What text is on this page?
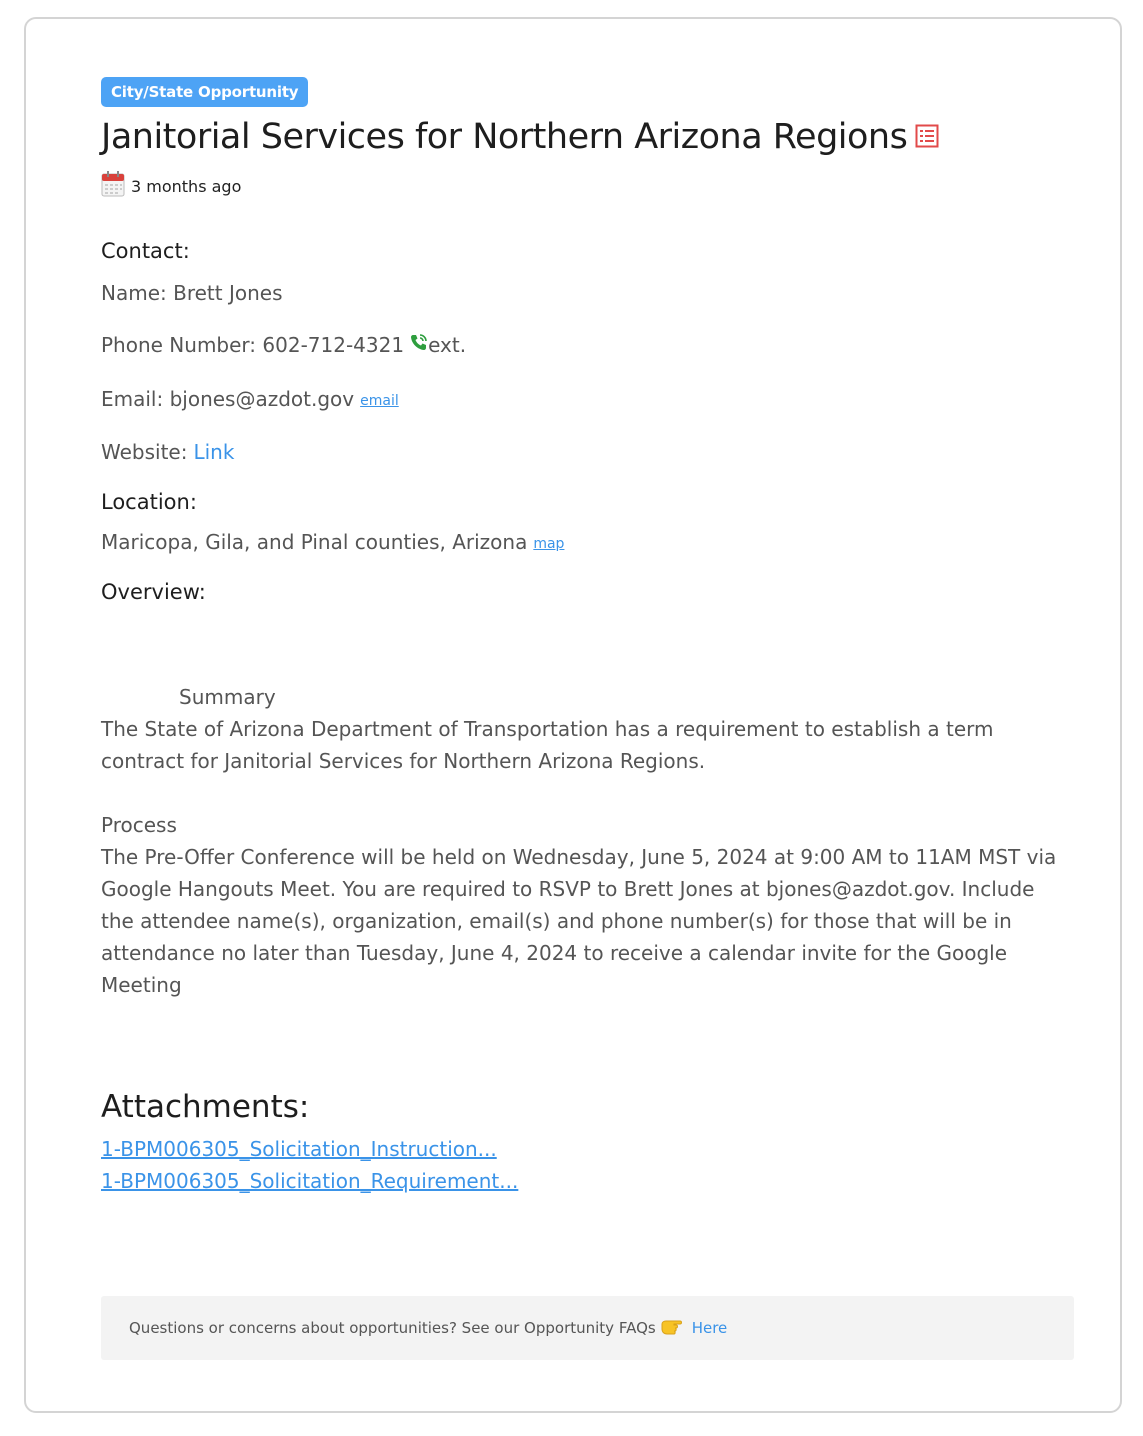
City/State Opportunity
Janitorial Services for Northern Arizona Regions
3 months ago
Contact:
Name: Brett Jones
Phone Number: 602-712-4321 ext.
Email: bjones@azdot.gov email
Website: Link
Location:
Maricopa, Gila, and Pinal counties, Arizona map
Overview:
Summary
The State of Arizona Department of Transportation has a requirement to establish a term contract for Janitorial Services for Northern Arizona Regions.
Process
The Pre-Offer Conference will be held on Wednesday, June 5, 2024 at 9:00 AM to 11AM MST via Google Hangouts Meet. You are required to RSVP to Brett Jones at bjones@azdot.gov. Include the attendee name(s), organization, email(s) and phone number(s) for those that will be in attendance no later than Tuesday, June 4, 2024 to receive a calendar invite for the Google Meeting
Attachments:
1-BPM006305_Solicitation_Instruction...
1-BPM006305_Solicitation_Requirement...
Questions or concerns about opportunities? See our Opportunity FAQs Here
